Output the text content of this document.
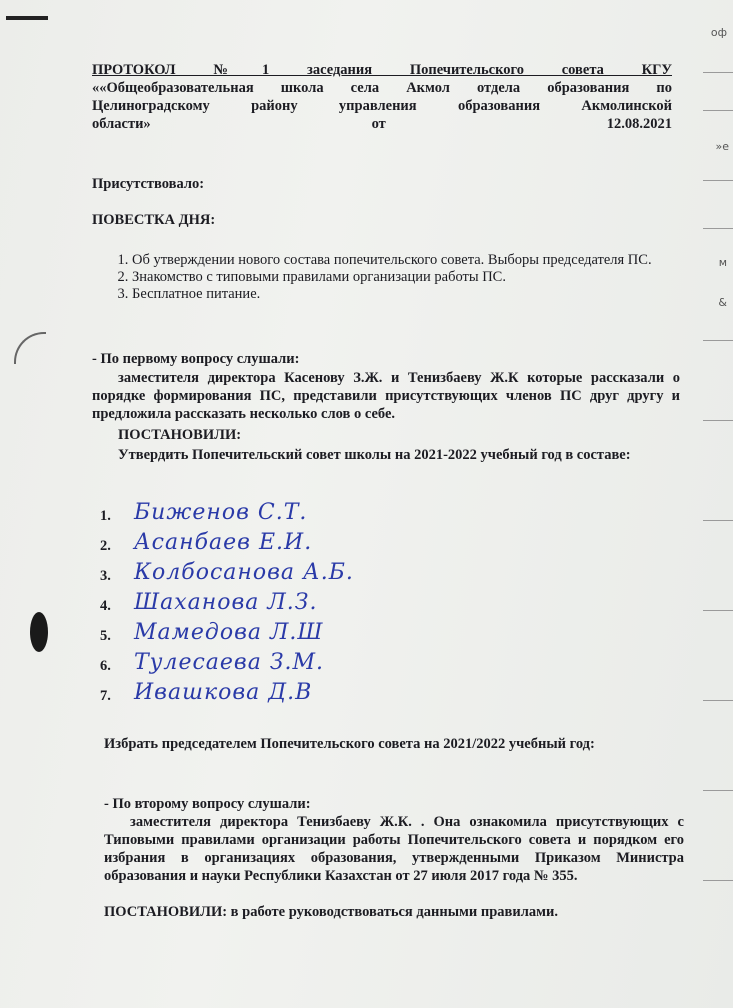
оф
»е
м
&
ПРОТОКОЛ №1 заседания Попечительского совета КГУ
««Общеобразовательная школа села Акмол отдела образования по
Целиноградскому району управления образования Акмолинской
области»	от	12.08.2021
Присутствовало:
ПОВЕСТКА ДНЯ:
1. Об утверждении нового состава попечительского совета. Выборы председателя ПС.
2. Знакомство с типовыми правилами организации работы ПС.
3. Бесплатное питание.
- По первому вопросу слушали:
заместителя директора Касенову З.Ж. и Тенизбаеву Ж.К которые рассказали о порядке формирования ПС, представили присутствующих членов ПС друг другу и предложила рассказать несколько слов о себе.
ПОСТАНОВИЛИ:
Утвердить Попечительский совет школы на 2021-2022 учебный год в составе:
1. Биженов С.Т.
2. Асанбаев Е.И.
3. Колбосанова А.Б.
4. Шаханова Л.З.
5. Мамедова Л.Ш
6. Тулесаева З.М.
7. Ивашкова Д.В
Избрать председателем Попечительского совета на 2021/2022 учебный год:
- По второму вопросу слушали:
заместителя директора Тенизбаеву Ж.К. . Она ознакомила присутствующих с Типовыми правилами организации работы Попечительского совета и порядком его избрания в организациях образования, утвержденными Приказом Министра образования и науки Республики Казахстан от 27 июля 2017 года № 355.
ПОСТАНОВИЛИ: в работе руководствоваться данными правилами.
